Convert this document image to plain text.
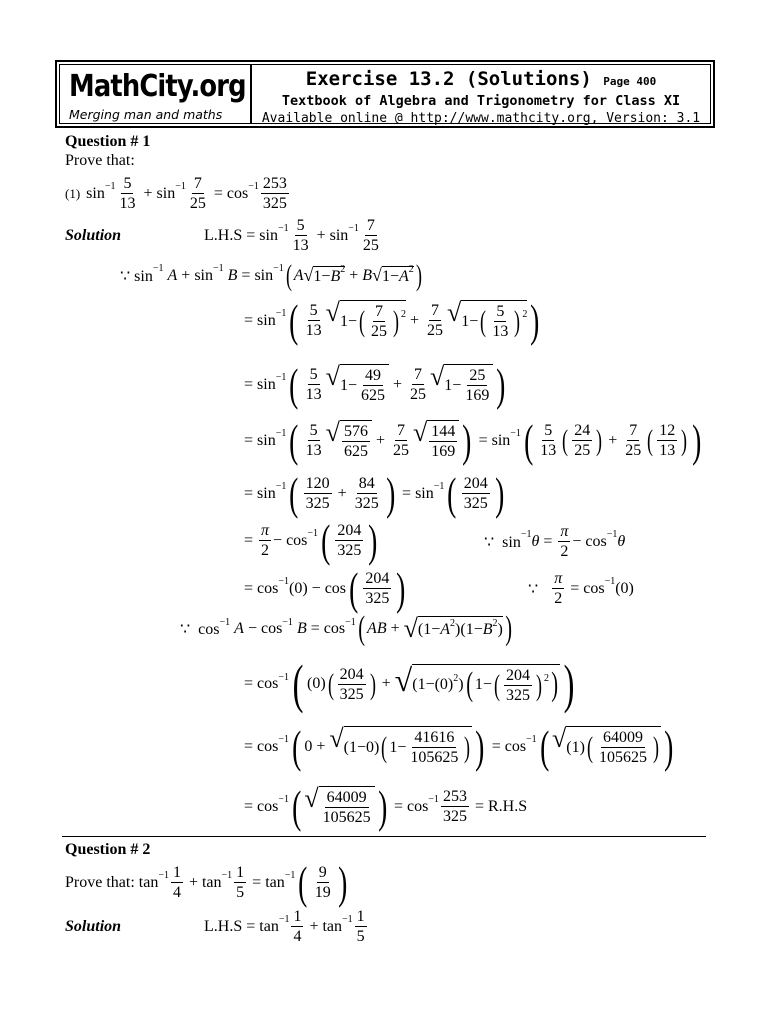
MathCity.org
Merging man and maths
Exercise 13.2 (Solutions) Page 400
Textbook of Algebra and Trigonometry for Class XI
Available online @ http://www.mathcity.org, Version: 3.1
Question # 1
Prove that:
(1) sin −1 5
13
+ $\sin -1 \frac{7}{25} = \cos -1$ 253
325
Solution	L.H.S = sin −1 5
13
+ sin −1 7
25
∵ sin −1
A + sin −1
B = sin −1 ( A √ 1− B 2 + B √ 1− A 2 )
= sin −1 ( 5
13
√ 1− ( 7
25 ) $2 + \frac{7}{25}$ √ 1− ( 5
13 ) 2 )
= sin −1 ( 5
13
√ 1−
49
625
+ $\frac{7}{25}$ √ 1−
25
169 )
= sin −1 ( 5
13
√ 576
625
+ $\frac{7}{25}$ √ 144
169 ) = sin −1 ( 5
13 ( 24
25 ) + $\frac{7}{25}$ ( 12
13 ) )
= sin −1 ( 120
325
+ $\frac{84}{325}$ ) = sin −1 ( 204
325 )
=
π
2
− cos −1 ( 204
325 )	∵  sin −1 $\theta = \frac{\pi}{2} - \cos -1$ θ
= cos −1 (0) − cos ( 204
325 )	∵ $\frac{\pi}{2} = \cos -1$ (0)
∵  cos −1
A − cos −1
B = cos −1 ( AB + √ (1− A 2 )(1− B 2 ) )
= cos −1 ( (0) ( 204
325 ) + √ (1−(0) 2 ) ( 1− ( 204
325 ) 2 ) )
= cos −1 ( 0 + √ (1−0) ( 1−
41616
105625 ) ) = cos −1 ( √ (1) ( 64009
105625 ) )
= cos −1 ( √ 64009
105625 ) = $\cos -1 \frac{253}{325} = R.H.S$
Question # 2
Prove that: tan −1 1
4
+ $\tan -1 \frac{1}{5} = \tan -1$ ( 9
19 )
Solution	L.H.S = tan −1 1
4
+ tan −1 1
5
